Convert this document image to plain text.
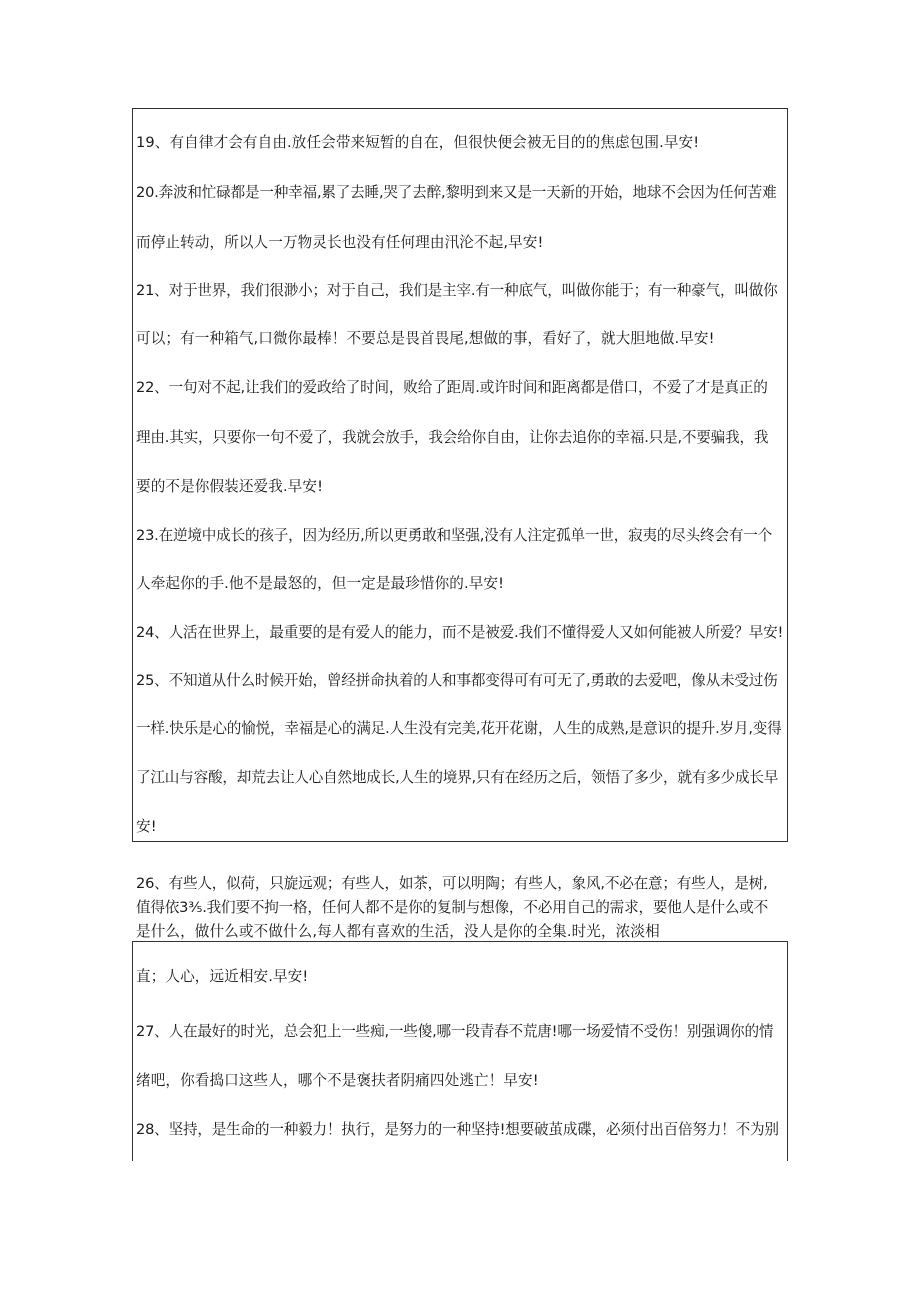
19、有自律才会有自由.放任会带来短暂的自在，但很快便会被无目的的焦虑包围.早安!
20.奔波和忙碌都是一种幸福,累了去睡,哭了去醉,黎明到来又是一天新的开始，地球不会因为任何苦难
而停止转动，所以人一万物灵长也没有任何理由汛沦不起,早安!
21、对于世界，我们很渺小；对于自己，我们是主宰.有一种底气，叫做你能于；有一种豪气，叫做你
可以；有一种箱气,口微你最棒！不要总是畏首畏尾,想做的事，看好了，就大胆地做.早安!
22、一句对不起,让我们的爱政给了时间，败给了距周.或许时间和距离都是借口，不爱了才是真正的
理由.其实，只要你一句不爱了，我就会放手，我会给你自由，让你去追你的幸福.只是,不要骗我，我
要的不是你假装还爱我.早安!
23.在逆境中成长的孩子，因为经历,所以更勇敢和坚强,没有人注定孤单一世，寂夷的尽头终会有一个
人牵起你的手.他不是最怒的，但一定是最珍惜你的.早安!
24、人活在世界上，最重要的是有爱人的能力，而不是被爱.我们不懂得爱人又如何能被人所爱？早安!
25、不知道从什么时候开始，曾经拼命执着的人和事都变得可有可无了,勇敢的去爱吧，像从未受过伤
一样.快乐是心的愉悦，幸福是心的满足.人生没有完美,花开花谢，人生的成熟,是意识的提升.岁月,变得
了江山与容酸，却荒去让人心自然地成长,人生的境界,只有在经历之后，领悟了多少，就有多少成长早
安!
26、有些人，似荷，只旋远观；有些人，如茶，可以明陶；有些人，象风,不必在意；有些人，是树,
值得依3⅗.我们要不拘一格，任何人都不是你的复制与想像，不必用自己的需求，要他人是什么或不
是什么，做什么或不做什么,每人都有喜欢的生活，没人是你的全集.时光，浓淡相
直；人心，远近相安.早安!
27、人在最好的时光，总会犯上一些痴,一些傻,哪一段青春不荒唐!哪一场爱情不受伤！别强调你的情
绪吧，你看捣口这些人，哪个不是褒扶者阴痛四处逃亡！早安!
28、坚持，是生命的一种毅力！执行，是努力的一种坚持!想要破茧成碟，必须付出百倍努力！不为别
